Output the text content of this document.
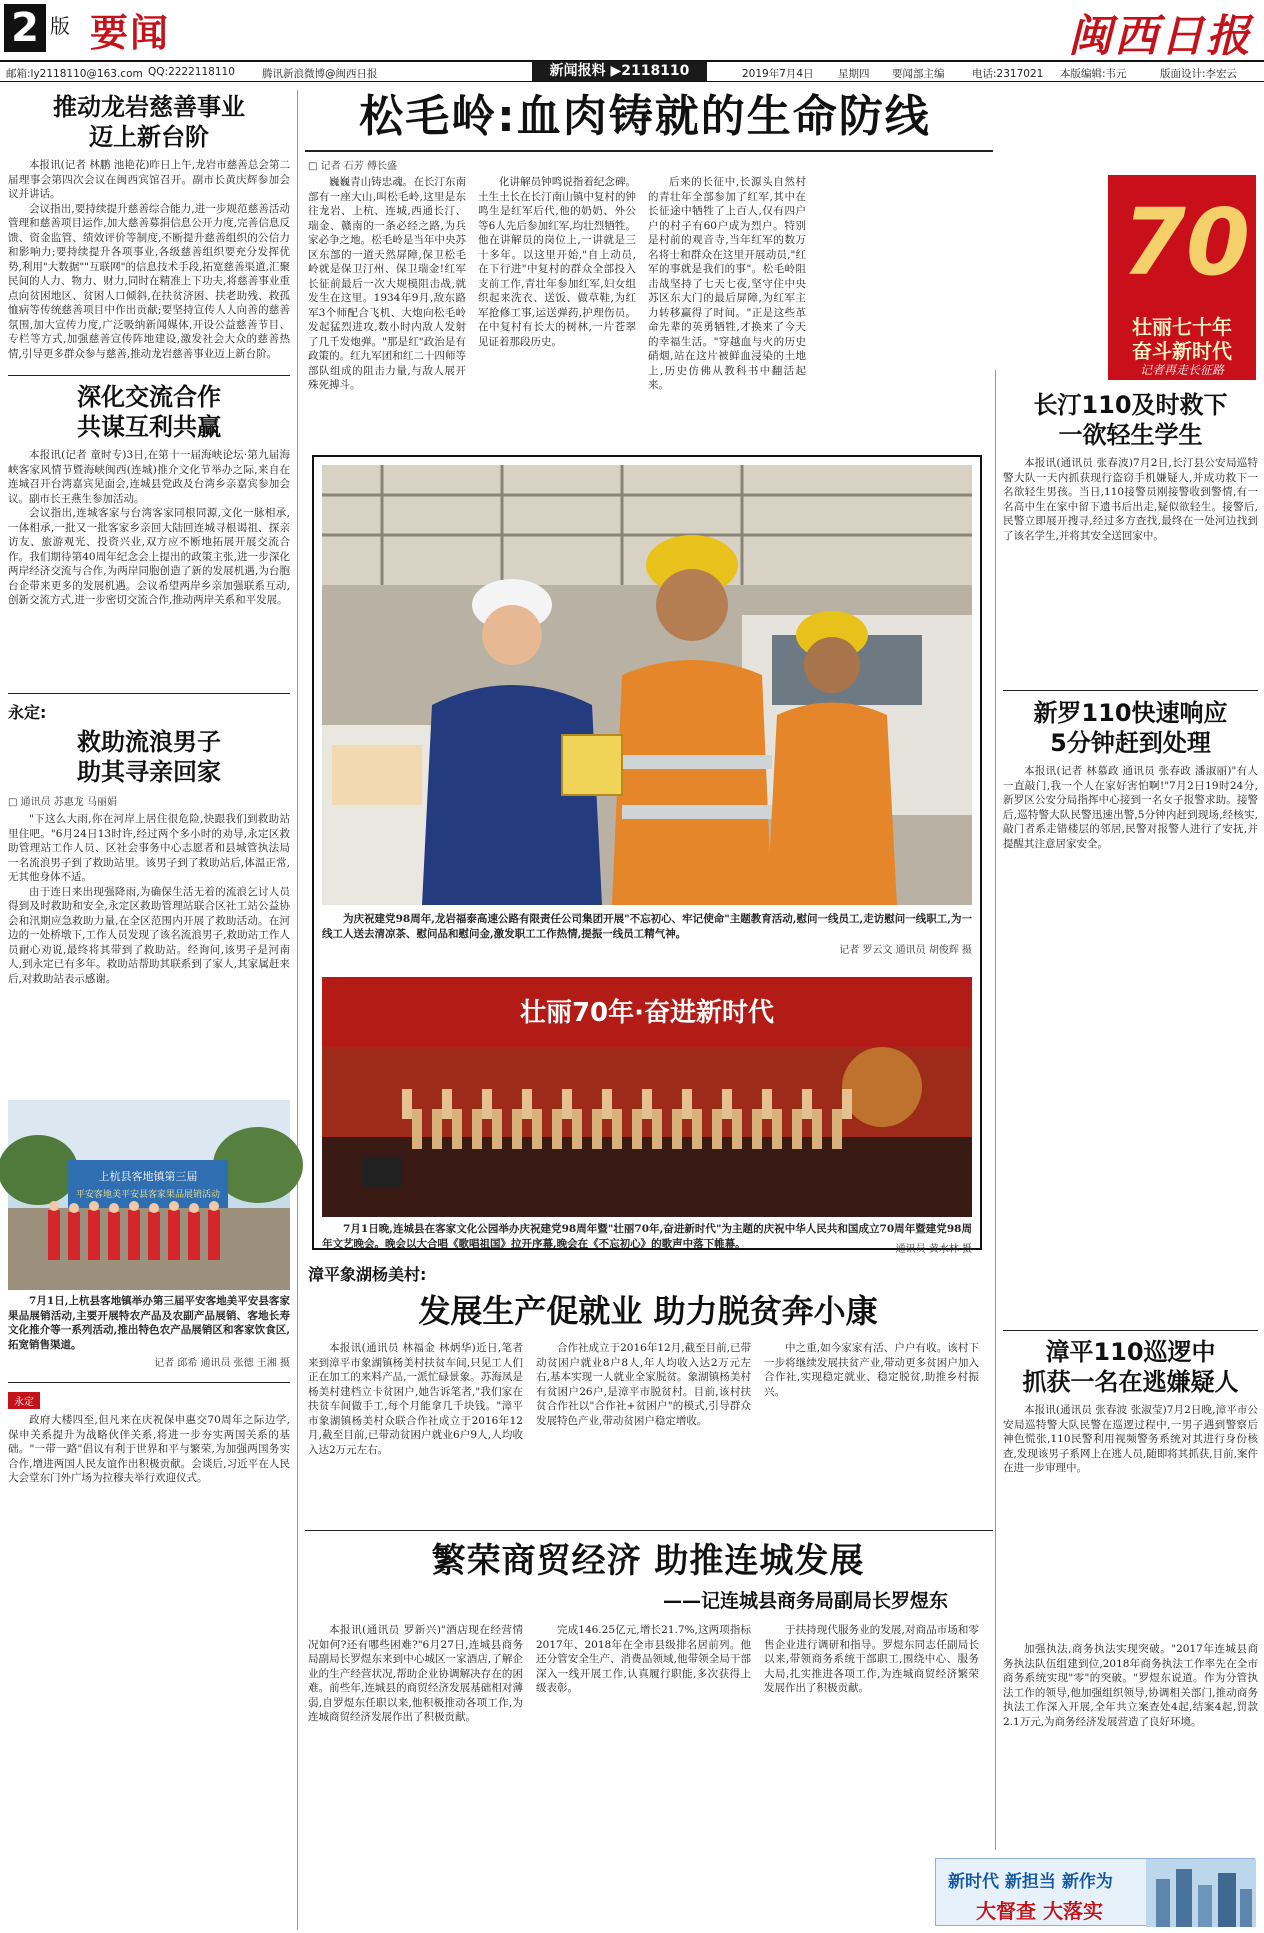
2 版 要闻	闽西日报
邮箱:ly2118110@163.com QQ:2222118110	腾讯新浪微博@闽西日报	2019年7月4日 星期四 要闻部主编	电话:2317021 本版编辑:韦元	版面设计:李宏云
新闻报料 ▶2118110
推动龙岩慈善事业
迈上新台阶

本报讯(记者 林鹏 池艳花)昨日上午,龙岩市慈善总会第二届理事会第四次会议在闽西宾馆召开。副市长黄庆辉参加会议并讲话。

会议指出,要持续提升慈善综合能力,进一步规范慈善活动管理和慈善项目运作,加大慈善募捐信息公开力度,完善信息反馈、资金监管、绩效评价等制度,不断提升慈善组织的公信力和影响力;要持续提升各项事业,各级慈善组织要充分发挥优势,利用"大数据""互联网"的信息技术手段,拓宽慈善渠道,汇聚民间的人力、物力、财力,同时在精准上下功夫,将慈善事业重点向贫困地区、贫困人口倾斜,在扶贫济困、扶老助残、救孤恤病等传统慈善项目中作出贡献;要坚持宣传人人向善的慈善氛围,加大宣传力度,广泛吸纳新闻媒体,开设公益慈善节目、专栏等方式,加强慈善宣传阵地建设,激发社会大众的慈善热情,引导更多群众参与慈善,推动龙岩慈善事业迈上新台阶。

深化交流合作
共谋互利共赢

本报讯(记者 童时专)3日,在第十一届海峡论坛·第九届海峡客家风情节暨海峡闽西(连城)推介文化节举办之际,来自在连城召开台湾嘉宾见面会,连城县党政及台湾乡亲嘉宾参加会议。副市长王燕生参加活动。

会议指出,连城客家与台湾客家同根同源,文化一脉相承,一体相承,一批又一批客家乡亲回大陆回连城寻根谒祖、探亲访友、旅游观光、投资兴业,双方应不断地拓展开展交流合作。我们期待第40周年纪念会上提出的政策主张,进一步深化两岸经济交流与合作,为两岸同胞创造了新的发展机遇,为台胞台企带来更多的发展机遇。会议希望两岸乡亲加强联系互动,创新交流方式,进一步密切交流合作,推动两岸关系和平发展。

永定:
救助流浪男子
助其寻亲回家
□ 通讯员 苏惠龙 马丽娟

"下这么大雨,你在河岸上居住很危险,快跟我们到救助站里住吧。"6月24日13时许,经过两个多小时的劝导,永定区救助管理站工作人员、区社会事务中心志愿者和县城管执法局一名流浪男子到了救助站里。该男子到了救助站后,体温正常,无其他身体不适。

由于连日来出现强降雨,为确保生活无着的流浪乞讨人员得到及时救助和安全,永定区救助管理站联合区社工站公益协会和汛期应急救助力量,在全区范围内开展了救助活动。在河边的一处桥墩下,工作人员发现了该名流浪男子,救助站工作人员耐心劝说,最终将其带到了救助站。经询问,该男子是河南人,到永定已有多年。救助站帮助其联系到了家人,其家属赶来后,对救助站表示感谢。

上杭县客地镇第三届
平安客地美平安县客家果品展销活动

7月1日,上杭县客地镇举办第三届平安客地美平安县客家果品展销活动,主要开展特农产品及农副产品展销、客地长寿文化推介等一系列活动,推出特色农产品展销区和客家饮食区,拓宽销售渠道。

记者 邱希 通讯员 张德 王湘 摄
永定

政府大楼四至,但凡来在庆祝保申惠交70周年之际边学,保申关系提升为战略伙伴关系,将进一步夯实两国关系的基础。"一带一路"倡议有利于世界和平与繁荣,为加强两国务实合作,增进两国人民友谊作出积极贡献。会谈后,习近平在人民大会堂东门外广场为拉穆夫举行欢迎仪式。

松毛岭:血肉铸就的生命防线
□ 记者 石芳 傅长盛

巍巍青山铸忠魂。在长汀东南部有一座大山,叫松毛岭,这里是东往龙岩、上杭、连城,西通长汀、瑞金、赣南的一条必经之路,为兵家必争之地。松毛岭是当年中央苏区东部的一道天然屏障,保卫松毛岭就是保卫汀州、保卫瑞金!红军长征前最后一次大规模阻击战,就发生在这里。1934年9月,敌东路军3个师配合飞机、大炮向松毛岭发起猛烈进攻,数小时内敌人发射了几千发炮弹。"那是红"政治是有政策的。红九军团和红二十四师等部队组成的阻击力量,与敌人展开殊死搏斗。

化讲解员钟鸣说指着纪念碑。土生土长在长汀南山镇中复村的钟鸣生是红军后代,他的奶奶、外公等6人先后参加红军,均壮烈牺牲。他在讲解员的岗位上,一讲就是三十多年。以这里开始,"自上动员,在下行进"中复村的群众全部投入支前工作,青壮年参加红军,妇女组织起来洗衣、送饭、做草鞋,为红军抢修工事,运送弹药,护理伤员。在中复村有长大的树林,一片苍翠见证着那段历史。

后来的长征中,长源头自然村的青壮年全部参加了红军,其中在长征途中牺牲了上百人,仅有四户户的村子有60户成为烈户。特别是村前的观音寺,当年红军的数万名将士和群众在这里开展动员,"红军的事就是我们的事"。松毛岭阻击战坚持了七天七夜,坚守住中央苏区东大门的最后屏障,为红军主力转移赢得了时间。"正是这些革命先辈的英勇牺牲,才换来了今天的幸福生活。"穿越血与火的历史硝烟,站在这片被鲜血浸染的土地上,历史仿佛从教科书中翻活起来。

70
壮丽七十年
奋斗新时代
记者再走长征路

为庆祝建党98周年,龙岩福泰高速公路有限责任公司集团开展"不忘初心、牢记使命"主题教育活动,慰问一线员工,走访慰问一线职工,为一线工人送去清凉茶、慰问品和慰问金,激发职工工作热情,提振一线员工精气神。

记者 罗云文 通讯员 胡俊辉 摄
壮丽70年·奋进新时代

7月1日晚,连城县在客家文化公园举办庆祝建党98周年暨"壮丽70年,奋进新时代"为主题的庆祝中华人民共和国成立70周年暨建党98周年文艺晚会。晚会以大合唱《歌唱祖国》拉开序幕,晚会在《不忘初心》的歌声中落下帷幕。	通讯员 黄水林 摄
漳平象湖杨美村:
发展生产促就业 助力脱贫奔小康

本报讯(通讯员 林福金 林炳华)近日,笔者来到漳平市象湖镇杨美村扶贫车间,只见工人们正在加工的来料产品,一派忙碌景象。苏海凤是杨美村建档立卡贫困户,她告诉笔者,"我们家在扶贫车间做手工,每个月能拿几千块钱。"漳平市象湖镇杨美村众联合作社成立于2016年12月,截至目前,已带动贫困户就业6户9人,人均收入达2万元左右。

合作社成立于2016年12月,截至目前,已带动贫困户就业8户8人,年人均收入达2万元左右,基本实现一人就业全家脱贫。象湖镇杨美村有贫困户26户,是漳平市脱贫村。目前,该村扶贫合作社以"合作社+贫困户"的模式,引导群众发展特色产业,带动贫困户稳定增收。

中之重,如今家家有活、户户有收。该村下一步将继续发展扶贫产业,带动更多贫困户加入合作社,实现稳定就业、稳定脱贫,助推乡村振兴。

繁荣商贸经济 助推连城发展
——记连城县商务局副局长罗煜东

本报讯(通讯员 罗新兴)"酒店现在经营情况如何?还有哪些困难?"6月27日,连城县商务局副局长罗煜东来到中心城区一家酒店,了解企业的生产经营状况,帮助企业协调解决存在的困难。前些年,连城县的商贸经济发展基础相对薄弱,自罗煜东任职以来,他积极推动各项工作,为连城商贸经济发展作出了积极贡献。

完成146.25亿元,增长21.7%,这两项指标2017年、2018年在全市县级排名居前列。他还分管安全生产、消费品领域,他带领全局干部深入一线开展工作,认真履行职能,多次获得上级表彰。

于扶持现代服务业的发展,对商品市场和零售企业进行调研和指导。罗煜东同志任副局长以来,带领商务系统干部职工,围绕中心、服务大局,扎实推进各项工作,为连城商贸经济繁荣发展作出了积极贡献。

长汀110及时救下
一欲轻生学生

本报讯(通讯员 张春波)7月2日,长汀县公安局巡特警大队一天内抓获现行盗窃手机嫌疑人,并成功救下一名欲轻生男孩。当日,110接警员刚接警收到警情,有一名高中生在家中留下遗书后出走,疑似欲轻生。接警后,民警立即展开搜寻,经过多方查找,最终在一处河边找到了该名学生,并将其安全送回家中。

新罗110快速响应
5分钟赶到处理

本报讯(记者 林慕政 通讯员 张春政 潘淑丽)"有人一直敲门,我一个人在家好害怕啊!"7月2日19时24分,新罗区公安分局指挥中心接到一名女子报警求助。接警后,巡特警大队民警迅速出警,5分钟内赶到现场,经核实,敲门者系走错楼层的邻居,民警对报警人进行了安抚,并提醒其注意居家安全。

漳平110巡逻中
抓获一名在逃嫌疑人

本报讯(通讯员 张春波 张淑莹)7月2日晚,漳平市公安局巡特警大队民警在巡逻过程中,一男子遇到警察后神色慌张,110民警利用视频警务系统对其进行身份核查,发现该男子系网上在逃人员,随即将其抓获,目前,案件在进一步审理中。

加强执法,商务执法实现突破。"2017年连城县商务执法队伍组建到位,2018年商务执法工作率先在全市商务系统实现"零"的突破。"罗煜东说道。作为分管执法工作的领导,他加强组织领导,协调相关部门,推动商务执法工作深入开展,全年共立案查处4起,结案4起,罚款2.1万元,为商务经济发展营造了良好环境。

新时代 新担当 新作为
大督查 大落实
